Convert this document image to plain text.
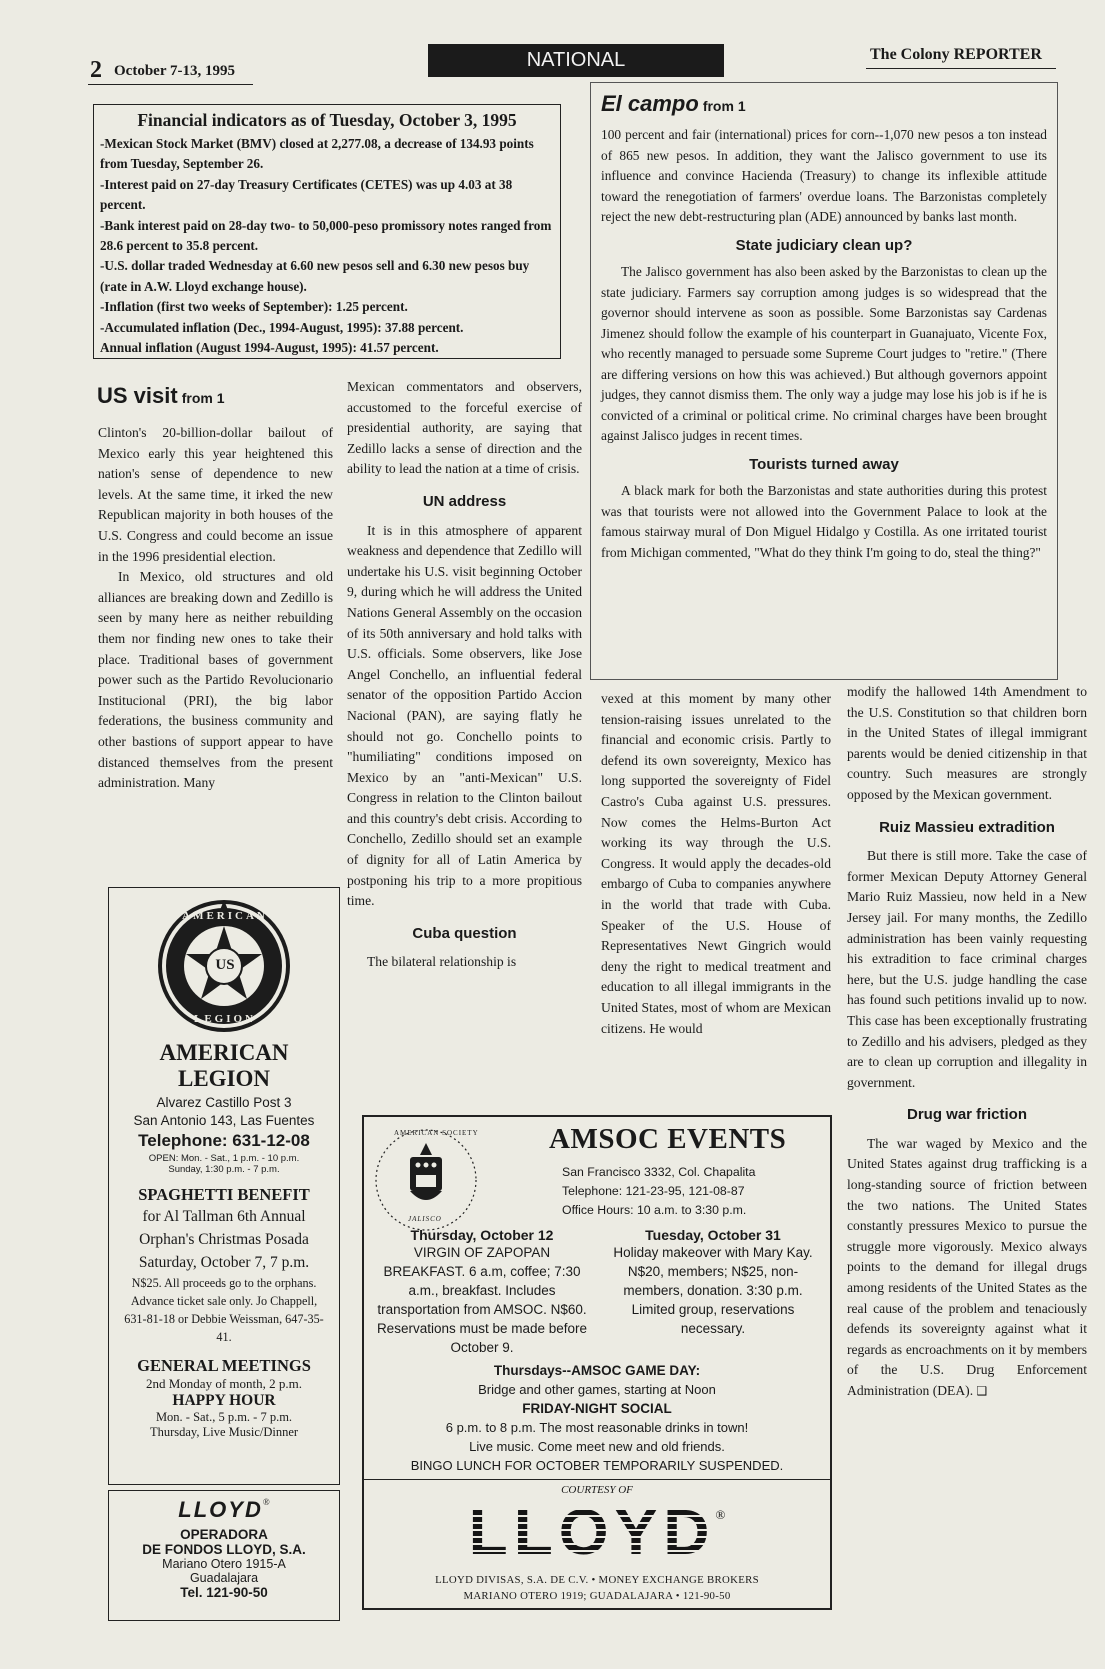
2 October 7-13, 1995	NATIONAL	The Colony REPORTER
Financial indicators as of Tuesday, October 3, 1995

-Mexican Stock Market (BMV) closed at 2,277.08, a decrease of 134.93 points from Tuesday, September 26.

-Interest paid on 27-day Treasury Certificates (CETES) was up 4.03 at 38 percent.

-Bank interest paid on 28-day two- to 50,000-peso promissory notes ranged from 28.6 percent to 35.8 percent.

-U.S. dollar traded Wednesday at 6.60 new pesos sell and 6.30 new pesos buy (rate in A.W. Lloyd exchange house).

-Inflation (first two weeks of September): 1.25 percent.

-Accumulated inflation (Dec., 1994-August, 1995): 37.88 percent.

Annual inflation (August 1994-August, 1995): 41.57 percent.

El campo from 1

100 percent and fair (international) prices for corn--1,070 new pesos a ton instead of 865 new pesos. In addition, they want the Jalisco government to use its influence and convince Hacienda (Treasury) to change its inflexible attitude toward the renegotiation of farmers' overdue loans. The Barzonistas completely reject the new debt-restructuring plan (ADE) announced by banks last month.

State judiciary clean up?

The Jalisco government has also been asked by the Barzonistas to clean up the state judiciary. Farmers say corruption among judges is so widespread that the governor should intervene as soon as possible. Some Barzonistas say Cardenas Jimenez should follow the example of his counterpart in Guanajuato, Vicente Fox, who recently managed to persuade some Supreme Court judges to "retire." (There are differing versions on how this was achieved.) But although governors appoint judges, they cannot dismiss them. The only way a judge may lose his job is if he is convicted of a criminal or political crime. No criminal charges have been brought against Jalisco judges in recent times.

Tourists turned away

A black mark for both the Barzonistas and state authorities during this protest was that tourists were not allowed into the Government Palace to look at the famous stairway mural of Don Miguel Hidalgo y Costilla. As one irritated tourist from Michigan commented, "What do they think I'm going to do, steal the thing?"

US visit from 1

Clinton's 20-billion-dollar bailout of Mexico early this year heightened this nation's sense of dependence to new levels. At the same time, it irked the new Republican majority in both houses of the U.S. Congress and could become an issue in the 1996 presidential election.

In Mexico, old structures and old alliances are breaking down and Zedillo is seen by many here as neither rebuilding them nor finding new ones to take their place. Traditional bases of government power such as the Partido Revolucionario Institucional (PRI), the big labor federations, the business community and other bastions of support appear to have distanced themselves from the present administration. Many

Mexican commentators and observers, accustomed to the forceful exercise of presidential authority, are saying that Zedillo lacks a sense of direction and the ability to lead the nation at a time of crisis.

UN address

It is in this atmosphere of apparent weakness and dependence that Zedillo will undertake his U.S. visit beginning October 9, during which he will address the United Nations General Assembly on the occasion of its 50th anniversary and hold talks with U.S. officials. Some observers, like Jose Angel Conchello, an influential federal senator of the opposition Partido Accion Nacional (PAN), are saying flatly he should not go. Conchello points to "humiliating" conditions imposed on Mexico by an "anti-Mexican" U.S. Congress in relation to the Clinton bailout and this country's debt crisis. According to Conchello, Zedillo should set an example of dignity for all of Latin America by postponing his trip to a more propitious time.

Cuba question

The bilateral relationship is

vexed at this moment by many other tension-raising issues unrelated to the financial and economic crisis. Partly to defend its own sovereignty, Mexico has long supported the sovereignty of Fidel Castro's Cuba against U.S. pressures. Now comes the Helms-Burton Act working its way through the U.S. Congress. It would apply the decades-old embargo of Cuba to companies anywhere in the world that trade with Cuba. Speaker of the U.S. House of Representatives Newt Gingrich would deny the right to medical treatment and education to all illegal immigrants in the United States, most of whom are Mexican citizens. He would

modify the hallowed 14th Amendment to the U.S. Constitution so that children born in the United States of illegal immigrant parents would be denied citizenship in that country. Such measures are strongly opposed by the Mexican government.

Ruiz Massieu extradition

But there is still more. Take the case of former Mexican Deputy Attorney General Mario Ruiz Massieu, now held in a New Jersey jail. For many months, the Zedillo administration has been vainly requesting his extradition to face criminal charges here, but the U.S. judge handling the case has found such petitions invalid up to now. This case has been exceptionally frustrating to Zedillo and his advisers, pledged as they are to clean up corruption and illegality in government.

Drug war friction

The war waged by Mexico and the United States against drug trafficking is a long-standing source of friction between the two nations. The United States constantly pressures Mexico to pursue the struggle more vigorously. Mexico always points to the demand for illegal drugs among residents of the United States as the real cause of the problem and tenaciously defends its sovereignty against what it regards as encroachments on it by members of the U.S. Drug Enforcement Administration (DEA). ❑

AMERICAN
US
LEGION
AMERICAN
LEGION
Alvarez Castillo Post 3
San Antonio 143, Las Fuentes
Telephone: 631-12-08
OPEN: Mon. - Sat., 1 p.m. - 10 p.m.
Sunday, 1:30 p.m. - 7 p.m.
SPAGHETTI BENEFIT
for Al Tallman 6th Annual
Orphan's Christmas Posada
Saturday, October 7, 7 p.m.
N$25. All proceeds go to the orphans. Advance ticket sale only. Jo Chappell, 631-81-18 or Debbie Weissman, 647-35-41.
GENERAL MEETINGS
2nd Monday of month, 2 p.m.
HAPPY HOUR
Mon. - Sat., 5 p.m. - 7 p.m.
Thursday, Live Music/Dinner
LLOYD®
OPERADORA
DE FONDOS LLOYD, S.A.
Mariano Otero 1915-A
Guadalajara
Tel. 121-90-50
AMERICAN SOCIETY
JALISCO
AMSOC EVENTS
San Francisco 3332, Col. Chapalita
Telephone: 121-23-95, 121-08-87
Office Hours: 10 a.m. to 3:30 p.m.
Thursday, October 12
VIRGIN OF ZAPOPAN BREAKFAST. 6 a.m, coffee; 7:30 a.m., breakfast. Includes transportation from AMSOC. N$60. Reservations must be made before October 9.
Tuesday, October 31
Holiday makeover with Mary Kay. N$20, members; N$25, non-members, donation. 3:30 p.m. Limited group, reservations necessary.
Thursdays--AMSOC GAME DAY:
Bridge and other games, starting at Noon
FRIDAY-NIGHT SOCIAL
6 p.m. to 8 p.m. The most reasonable drinks in town!
Live music. Come meet new and old friends.
BINGO LUNCH FOR OCTOBER TEMPORARILY SUSPENDED.
COURTESY OF
LLOYD®
LLOYD DIVISAS, S.A. DE C.V. • MONEY EXCHANGE BROKERS
MARIANO OTERO 1919; GUADALAJARA • 121-90-50
